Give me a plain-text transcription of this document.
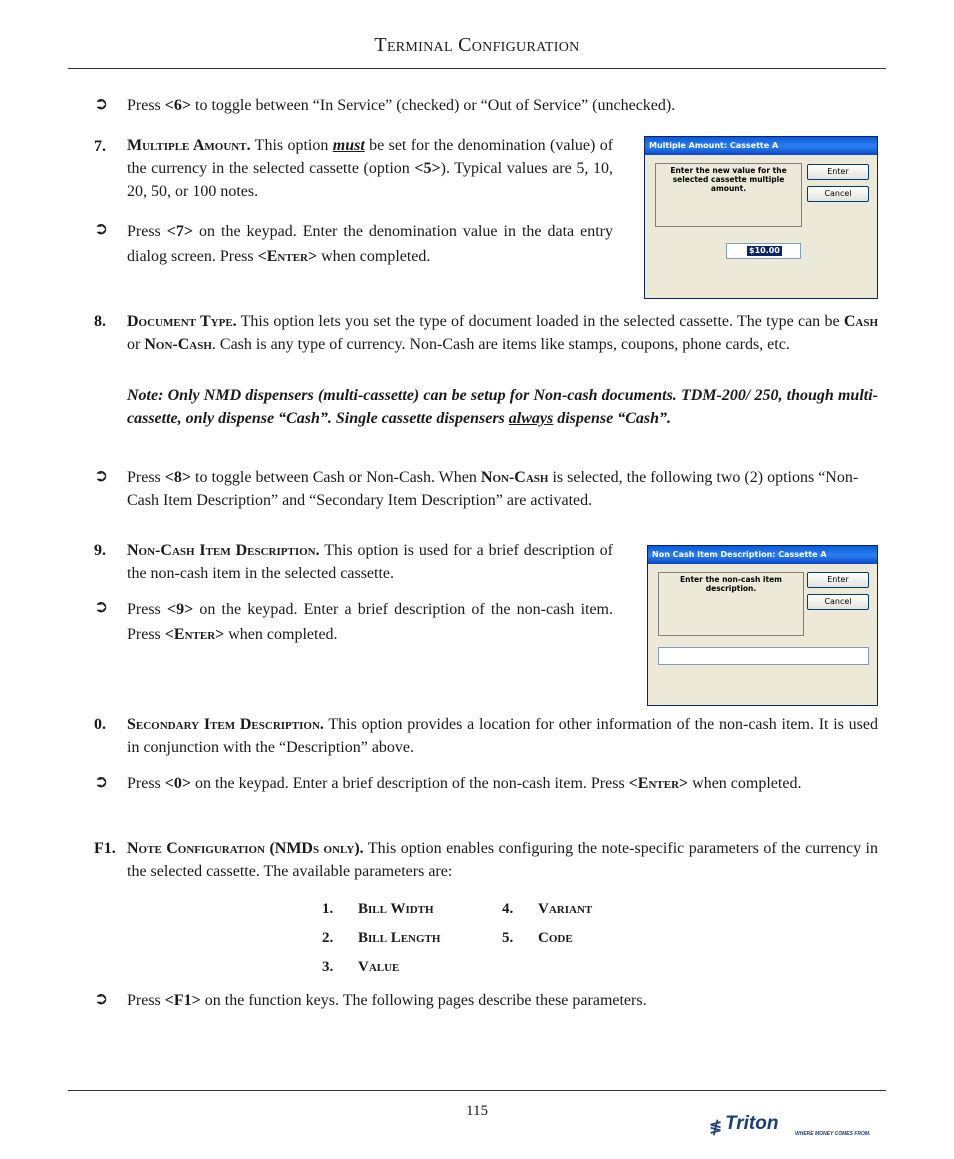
Terminal Configuration
➲ Press <6> to toggle between “In Service” (checked) or “Out of Service” (unchecked).
7. Multiple Amount. This option must be set for the denomination (value) of the currency in the selected cassette (option <5>). Typical values are 5, 10, 20, 50, or 100 notes.
➲ Press <7> on the keypad. Enter the denomination value in the data entry dialog screen. Press <Enter> when completed.
Multiple Amount: Cassette A
Enter the new value for the selected cassette multiple amount.
Enter
Cancel
$10.00
8. Document Type. This option lets you set the type of document loaded in the selected cassette. The type can be Cash or Non-Cash. Cash is any type of currency. Non-Cash are items like stamps, coupons, phone cards, etc.
Note: Only NMD dispensers (multi-cassette) can be setup for Non-cash documents. TDM-200/ 250, though multi-cassette, only dispense “Cash”. Single cassette dispensers always dispense “Cash”.
➲ Press <8> to toggle between Cash or Non-Cash. When Non-Cash is selected, the following two (2) options “Non-Cash Item Description” and “Secondary Item Description” are activated.
9. Non-Cash Item Description. This option is used for a brief description of the non-cash item in the selected cassette.
➲ Press <9> on the keypad. Enter a brief description of the non-cash item. Press <Enter> when completed.
Non Cash Item Description: Cassette A
Enter the non-cash item description.
Enter
Cancel
0. Secondary Item Description. This option provides a location for other information of the non-cash item. It is used in conjunction with the “Description” above.
➲ Press <0> on the keypad. Enter a brief description of the non-cash item. Press <Enter> when completed.
F1. Note Configuration (NMDs only). This option enables configuring the note-specific parameters of the currency in the selected cassette. The available parameters are:
1.	Bill Width	4.	Variant
2.	Bill Length	5.	Code
3.	Value		
➲ Press <F1> on the function keys. The following pages describe these parameters.
115
≸ Triton	WHERE MONEY COMES FROM.
